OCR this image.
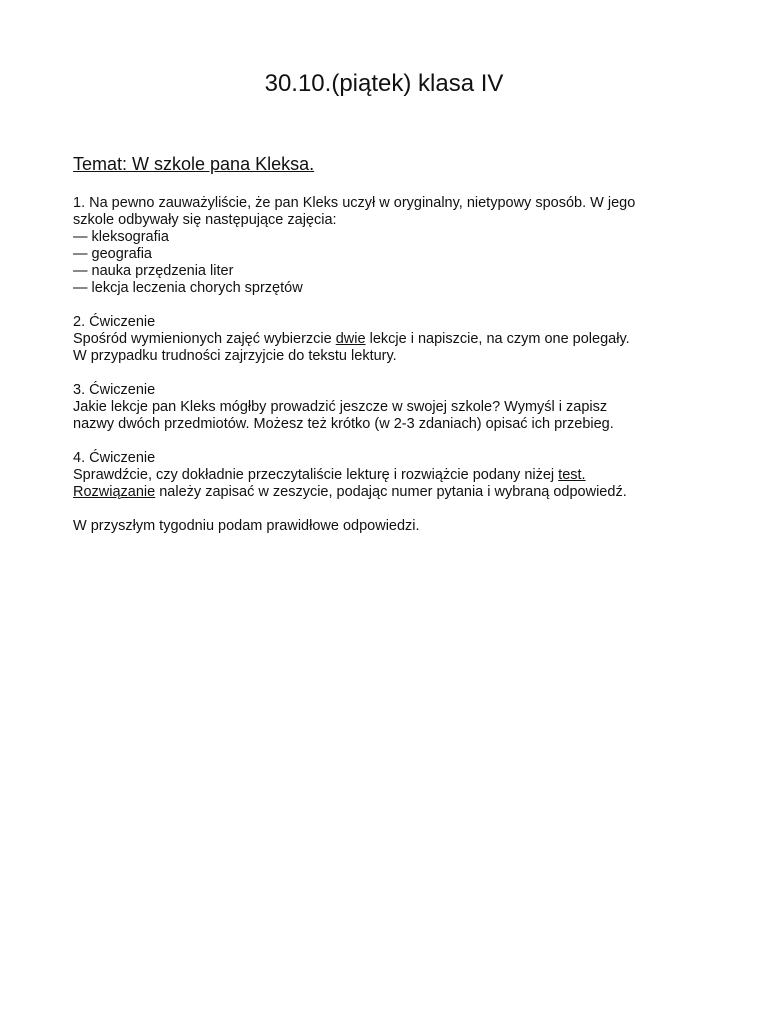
30.10.(piątek) klasa IV
Temat: W szkole pana Kleksa.
1. Na pewno zauważyliście, że pan Kleks uczył w oryginalny, nietypowy sposób. W jego
szkole odbywały się następujące zajęcia:
— kleksografia
— geografia
— nauka przędzenia liter
— lekcja leczenia chorych sprzętów
2. Ćwiczenie
Spośród wymienionych zajęć wybierzcie dwie lekcje i napiszcie, na czym one polegały.
W przypadku trudności zajrzyjcie do tekstu lektury.
3. Ćwiczenie
Jakie lekcje pan Kleks mógłby prowadzić jeszcze w swojej szkole? Wymyśl i zapisz
nazwy dwóch przedmiotów. Możesz też krótko (w 2-3 zdaniach) opisać ich przebieg.
4. Ćwiczenie
Sprawdźcie, czy dokładnie przeczytaliście lekturę i rozwiążcie podany niżej test.
Rozwiązanie należy zapisać w zeszycie, podając numer pytania i wybraną odpowiedź.
W przyszłym tygodniu podam prawidłowe odpowiedzi.
